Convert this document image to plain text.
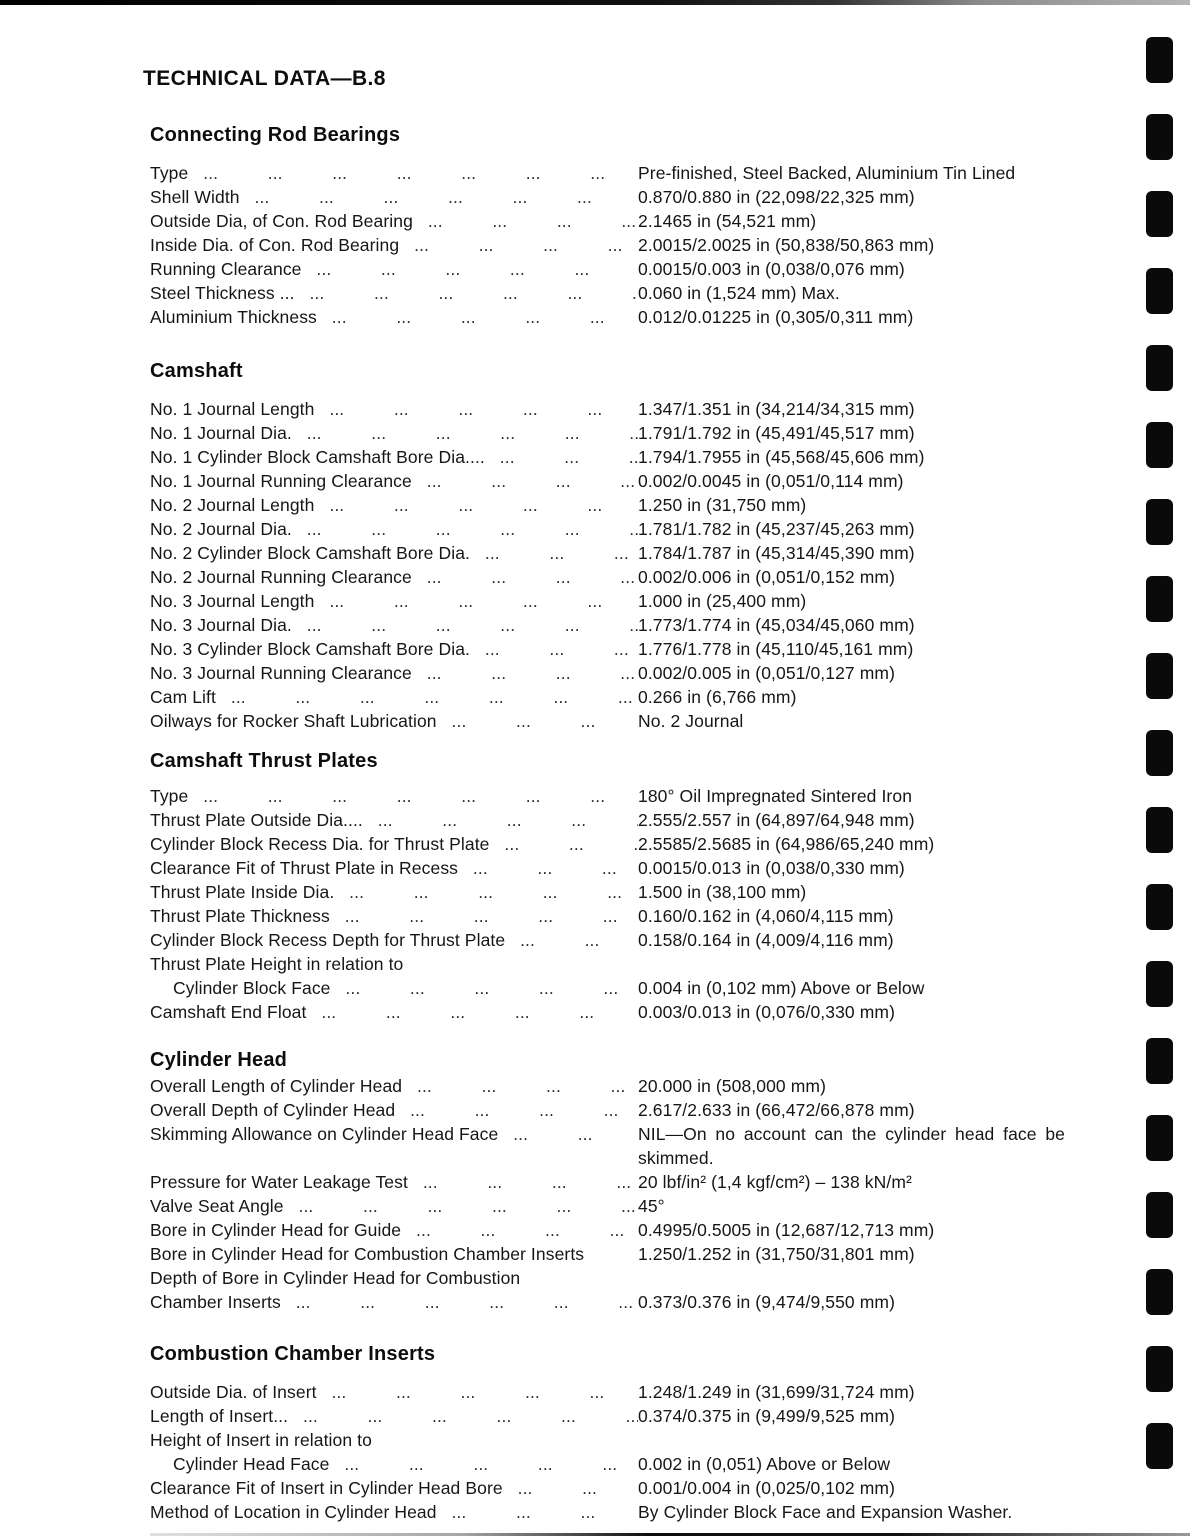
TECHNICAL DATA—B.8
Connecting Rod Bearings
Type ...	Pre-finished, Steel Backed, Aluminium Tin Lined
Shell Width ...	0.870/0.880 in (22,098/22,325 mm)
Outside Dia, of Con. Rod Bearing ...	2.1465 in (54,521 mm)
Inside Dia. of Con. Rod Bearing ...	2.0015/2.0025 in (50,838/50,863 mm)
Running Clearance ...	0.0015/0.003 in (0,038/0,076 mm)
Steel Thickness ... ...	0.060 in (1,524 mm) Max.
Aluminium Thickness ...	0.012/0.01225 in (0,305/0,311 mm)
Camshaft
No. 1 Journal Length ...	1.347/1.351 in (34,214/34,315 mm)
No. 1 Journal Dia. ...	1.791/1.792 in (45,491/45,517 mm)
No. 1 Cylinder Block Camshaft Bore Dia.... ...	1.794/1.7955 in (45,568/45,606 mm)
No. 1 Journal Running Clearance ...	0.002/0.0045 in (0,051/0,114 mm)
No. 2 Journal Length ...	1.250 in (31,750 mm)
No. 2 Journal Dia. ...	1.781/1.782 in (45,237/45,263 mm)
No. 2 Cylinder Block Camshaft Bore Dia. ...	1.784/1.787 in (45,314/45,390 mm)
No. 2 Journal Running Clearance ...	0.002/0.006 in (0,051/0,152 mm)
No. 3 Journal Length ...	1.000 in (25,400 mm)
No. 3 Journal Dia. ...	1.773/1.774 in (45,034/45,060 mm)
No. 3 Cylinder Block Camshaft Bore Dia. ...	1.776/1.778 in (45,110/45,161 mm)
No. 3 Journal Running Clearance ...	0.002/0.005 in (0,051/0,127 mm)
Cam Lift ...	0.266 in (6,766 mm)
Oilways for Rocker Shaft Lubrication ...	No. 2 Journal
Camshaft Thrust Plates
Type ...	180° Oil Impregnated Sintered Iron
Thrust Plate Outside Dia.... ...	2.555/2.557 in (64,897/64,948 mm)
Cylinder Block Recess Dia. for Thrust Plate ...	2.5585/2.5685 in (64,986/65,240 mm)
Clearance Fit of Thrust Plate in Recess ...	0.0015/0.013 in (0,038/0,330 mm)
Thrust Plate Inside Dia. ...	1.500 in (38,100 mm)
Thrust Plate Thickness ...	0.160/0.162 in (4,060/4,115 mm)
Cylinder Block Recess Depth for Thrust Plate ...	0.158/0.164 in (4,009/4,116 mm)
Thrust Plate Height in relation to
Cylinder Block Face ...	0.004 in (0,102 mm) Above or Below
Camshaft End Float ...	0.003/0.013 in (0,076/0,330 mm)
Cylinder Head
Overall Length of Cylinder Head ...	20.000 in (508,000 mm)
Overall Depth of Cylinder Head ...	2.617/2.633 in (66,472/66,878 mm)
Skimming Allowance on Cylinder Head Face ...	NIL—On no account can the cylinder head face be skimmed.
Pressure for Water Leakage Test ...	20 lbf/in² (1,4 kgf/cm²) – 138 kN/m²
Valve Seat Angle ...	45°
Bore in Cylinder Head for Guide ...	0.4995/0.5005 in (12,687/12,713 mm)
Bore in Cylinder Head for Combustion Chamber Inserts	1.250/1.252 in (31,750/31,801 mm)
Depth of Bore in Cylinder Head for Combustion
Chamber Inserts ...	0.373/0.376 in (9,474/9,550 mm)
Combustion Chamber Inserts
Outside Dia. of Insert ...	1.248/1.249 in (31,699/31,724 mm)
Length of Insert... ...	0.374/0.375 in (9,499/9,525 mm)
Height of Insert in relation to
Cylinder Head Face ...	0.002 in (0,051) Above or Below
Clearance Fit of Insert in Cylinder Head Bore ...	0.001/0.004 in (0,025/0,102 mm)
Method of Location in Cylinder Head ...	By Cylinder Block Face and Expansion Washer.
